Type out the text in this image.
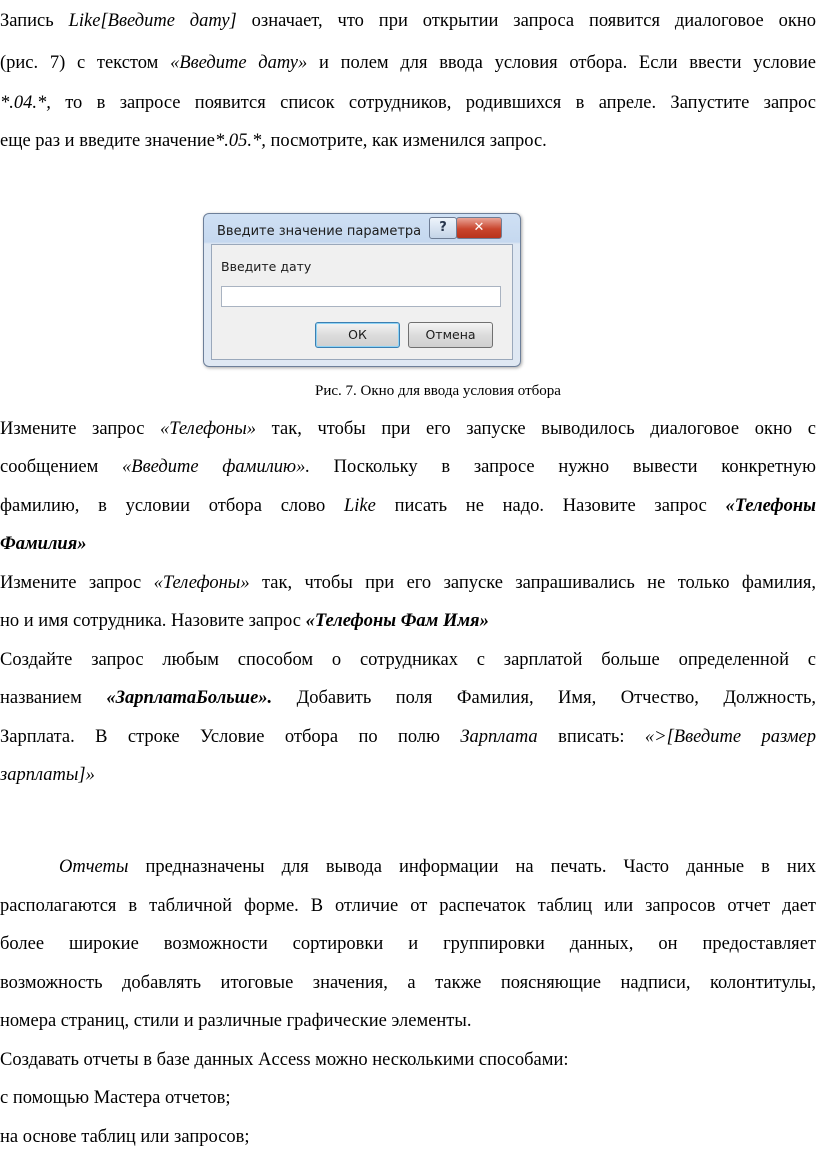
Запись Like[Введите дату] означает, что при открытии запроса появится диалоговое окно
(рис. 7) с текстом «Введите дату» и полем для ввода условия отбора. Если ввести условие
*.04.*, то в запросе появится список сотрудников, родившихся в апреле. Запустите запрос
еще раз и введите значение*.05.*, посмотрите, как изменился запрос.
Введите значение параметра	?	✕
Введите дату
ОК	Отмена
Рис. 7. Окно для ввода условия отбора
Измените запрос «Телефоны» так, чтобы при его запуске выводилось диалоговое окно с
сообщением «Введите фамилию». Поскольку в запросе нужно вывести конкретную
фамилию, в условии отбора слово Like писать не надо. Назовите запрос «Телефоны
Фамилия»
Измените запрос «Телефоны» так, чтобы при его запуске запрашивались не только фамилия,
но и имя сотрудника. Назовите запрос «Телефоны Фам Имя»
Создайте запрос любым способом о сотрудниках с зарплатой больше определенной с
названием «ЗарплатаБольше». Добавить поля Фамилия, Имя, Отчество, Должность,
Зарплата. В строке Условие отбора по полю Зарплата вписать: «>[Введите размер
зарплаты]»
Отчеты предназначены для вывода информации на печать. Часто данные в них
располагаются в табличной форме. В отличие от распечаток таблиц или запросов отчет дает
более широкие возможности сортировки и группировки данных, он предоставляет
возможность добавлять итоговые значения, а также поясняющие надписи, колонтитулы,
номера страниц, стили и различные графические элементы.
Создавать отчеты в базе данных Access можно несколькими способами:
с помощью Мастера отчетов;
на основе таблиц или запросов;
